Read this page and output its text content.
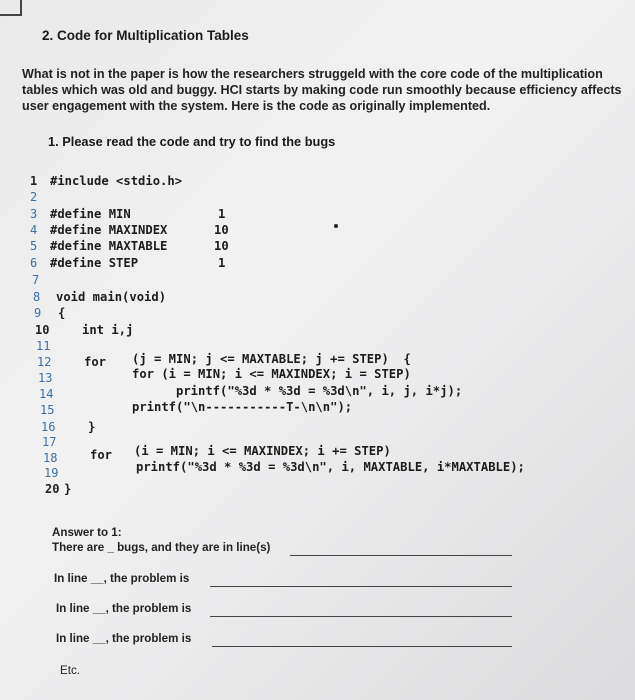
2. Code for Multiplication Tables
What is not in the paper is how the researchers struggeld with the core code of the multiplication tables which was old and buggy. HCI starts by making code run smoothly because efficiency affects user engagement with the system. Here is the code as originally implemented.
1. Please read the code and try to find the bugs
1
2
3
4
5
6
7
8
9
10
11
12
13
14
15
16
17
18
19
20
#include <stdio.h>
#define MIN
#define MAXINDEX
#define MAXTABLE
#define STEP
1
10
10
1
void main(void)
{
int i,j
for (j = MIN; j <= MAXTABLE; j += STEP)  {
for (i = MIN; i <= MAXINDEX; i = STEP)
printf("%3d * %3d = %3d\n", i, j, i*j);
printf("\n-----------T-\n\n");
}
for (i = MIN; i <= MAXINDEX; i += STEP)
printf("%3d * %3d = %3d\n", i, MAXTABLE, i*MAXTABLE);
}
Answer to 1:
There are _ bugs, and they are in line(s)
In line __, the problem is
In line __, the problem is
In line __, the problem is
Etc.
